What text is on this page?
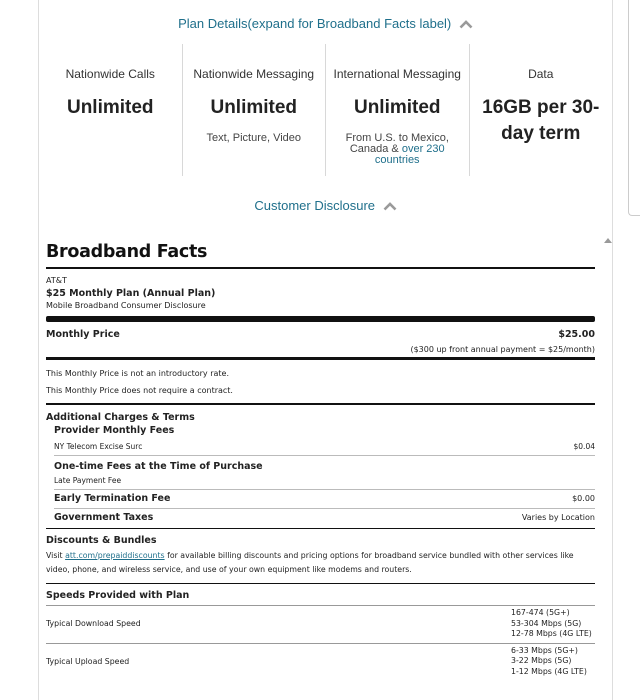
Plan Details(expand for Broadband Facts label)
Nationwide Calls
Unlimited
Nationwide Messaging
Unlimited
Text, Picture, Video
International Messaging
Unlimited
From U.S. to Mexico, Canada & over 230 countries
Data
16GB per 30-day term
Customer Disclosure
Broadband Facts
AT&T
$25 Monthly Plan (Annual Plan)
Mobile Broadband Consumer Disclosure
Monthly Price	$25.00
($300 up front annual payment = $25/month)
This Monthly Price is not an introductory rate.
This Monthly Price does not require a contract.
Additional Charges & Terms
Provider Monthly Fees
NY Telecom Excise Surc	$0.04
One-time Fees at the Time of Purchase
Late Payment Fee
Early Termination Fee	$0.00
Government Taxes	Varies by Location
Discounts & Bundles
Visit att.com/prepaiddiscounts for available billing discounts and pricing options for broadband service bundled with other services like video, phone, and wireless service, and use of your own equipment like modems and routers.
Speeds Provided with Plan
Typical Download Speed
167-474 (5G+)
53-304 Mbps (5G)
12-78 Mbps (4G LTE)
Typical Upload Speed
6-33 Mbps (5G+)
3-22 Mbps (5G)
1-12 Mbps (4G LTE)
